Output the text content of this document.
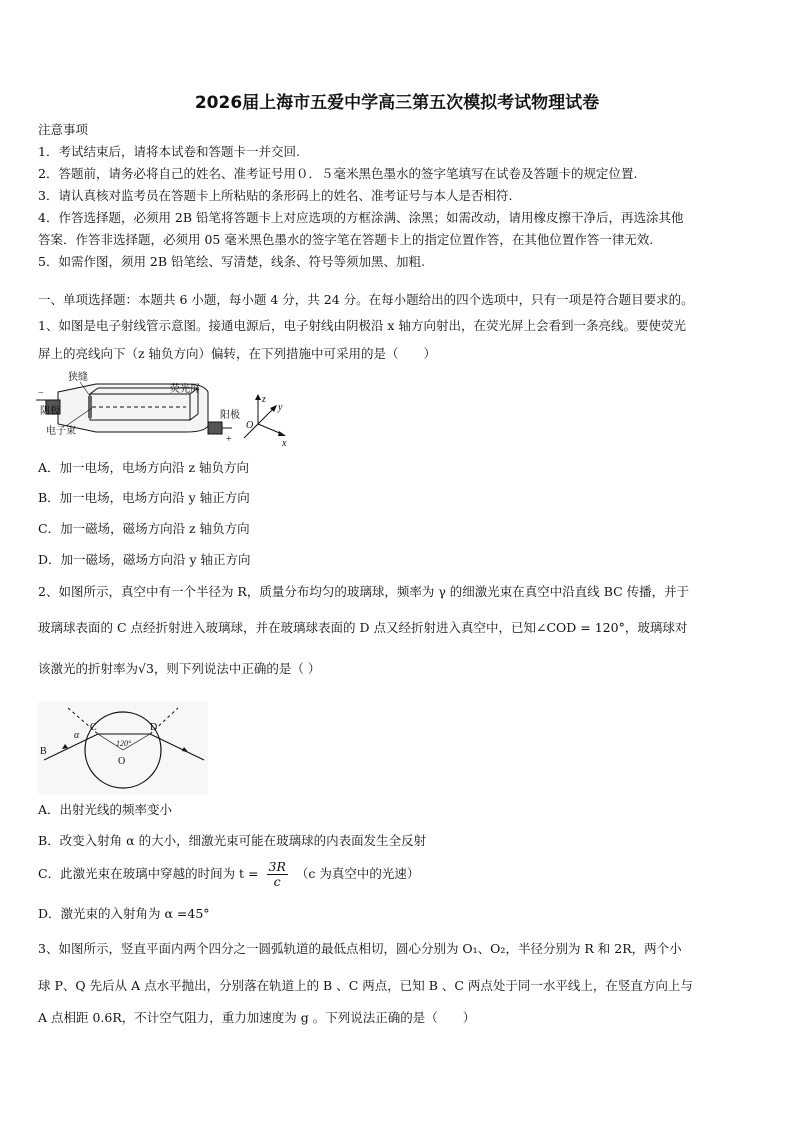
2026届上海市五爱中学高三第五次模拟考试物理试卷
注意事项
1．考试结束后，请将本试卷和答题卡一并交回.
2．答题前，请务必将自己的姓名、准考证号用０．５毫米黑色墨水的签字笔填写在试卷及答题卡的规定位置.
3．请认真核对监考员在答题卡上所粘贴的条形码上的姓名、准考证号与本人是否相符.
4．作答选择题，必须用 2B 铅笔将答题卡上对应选项的方框涂满、涂黑；如需改动，请用橡皮擦干净后，再选涂其他
答案．作答非选择题，必须用 05 毫米黑色墨水的签字笔在答题卡上的指定位置作答，在其他位置作答一律无效.
5．如需作图，须用 2B 铅笔绘、写清楚，线条、符号等须加黑、加粗.
一、单项选择题：本题共 6 小题，每小题 4 分，共 24 分。在每小题给出的四个选项中，只有一项是符合题目要求的。
1、如图是电子射线管示意图。接通电源后，电子射线由阴极沿 x 轴方向射出，在荧光屏上会看到一条亮线。要使荧光
屏上的亮线向下（z 轴负方向）偏转，在下列措施中可采用的是（　　）
−
狭缝
荧光屏
阴极
电子束
阳极
+
z
y
x
O
A．加一电场，电场方向沿 z 轴负方向
B．加一电场，电场方向沿 y 轴正方向
C．加一磁场，磁场方向沿 z 轴负方向
D．加一磁场，磁场方向沿 y 轴正方向
2、如图所示，真空中有一个半径为 R，质量分布均匀的玻璃球，频率为 γ 的细激光束在真空中沿直线 BC 传播，并于
玻璃球表面的 C 点经折射进入玻璃球，并在玻璃球表面的 D 点又经折射进入真空中，已知∠COD = 120°，玻璃球对
该激光的折射率为√3，则下列说法中正确的是（ ）
B
C	D
O
α
120°
A．出射光线的频率变小
B．改变入射角 α 的大小，细激光束可能在玻璃球的内表面发生全反射
C．此激光束在玻璃中穿越的时间为 $t = \frac{3R}{c} (c$ 为真空中的光速）
D．激光束的入射角为 α =45°
3、如图所示，竖直平面内两个四分之一圆弧轨道的最低点相切，圆心分别为 O₁、O₂，半径分别为 R 和 2R，两个小
球 P、Q 先后从 A 点水平抛出，分别落在轨道上的 B 、C 两点，已知 B 、C 两点处于同一水平线上，在竖直方向上与
A 点相距 0.6R，不计空气阻力，重力加速度为 g 。下列说法正确的是（　　）
